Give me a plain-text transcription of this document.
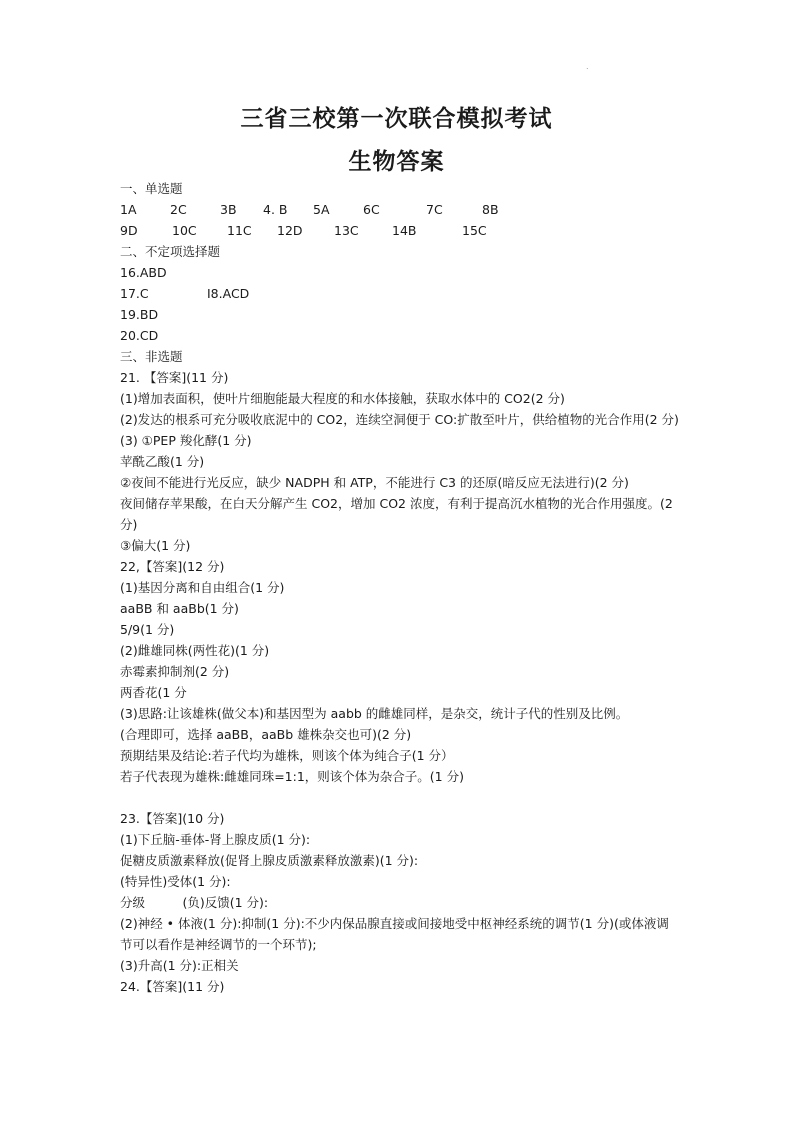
.
三省三校第一次联合模拟考试
生物答案
一、单选题
1A	2C	3B	4. B	5A	6C	7C	8B
9D	10C	11C	12D	13C	14B	15C
二、不定项选择题
16.ABD
17.C	I8.ACD
19.BD
20.CD
三、非选题
21. 【答案](11 分)
(1)增加表面积，使叶片细胞能最大程度的和水体接触，获取水体中的 CO2(2 分)
(2)发达的根系可充分吸收底泥中的 CO2，连续空洞便于 CO:扩散至叶片，供给植物的光合作用(2 分)
(3) ①PEP 羧化酵(1 分)
苹酰乙酸(1 分)
②夜间不能进行光反应，缺少 NADPH 和 ATP，不能进行 C3 的还原(暗反应无法进行)(2 分)
夜间储存苹果酸，在白天分解产生 CO2，增加 CO2 浓度，有利于提高沉水植物的光合作用强度。(2 分)
③偏大(1 分)
22,【答案](12 分)
(1)基因分离和自由组合(1 分)
aaBB 和 aaBb(1 分)
5/9(1 分)
(2)雌雄同株(两性花)(1 分)
赤霉素抑制剂(2 分)
两香花(1 分
(3)思路:让该雄株(做父本)和基因型为 aabb 的雌雄同样，是杂交，统计子代的性别及比例。
(合理即可，选择 aaBB，aaBb 雄株杂交也可)(2 分)
预期结果及结论:若子代均为雄株，则该个体为纯合子(1 分）
若子代表现为雄株:雌雄同珠=1:1，则该个体为杂合子。(1 分)
23.【答案](10 分)
(1)下丘脑-垂体-肾上腺皮质(1 分):
促糖皮质激素释放(促肾上腺皮质激素释放激素)(1 分):
(特异性)受体(1 分):
分级　　　(负)反馈(1 分):
(2)神经 • 体液(1 分):抑制(1 分):不少内保品腺直接或间接地受中枢神经系统的调节(1 分)(或体液调节可以看作是神经调节的一个环节);
(3)升高(1 分):正相关
24.【答案](11 分)
